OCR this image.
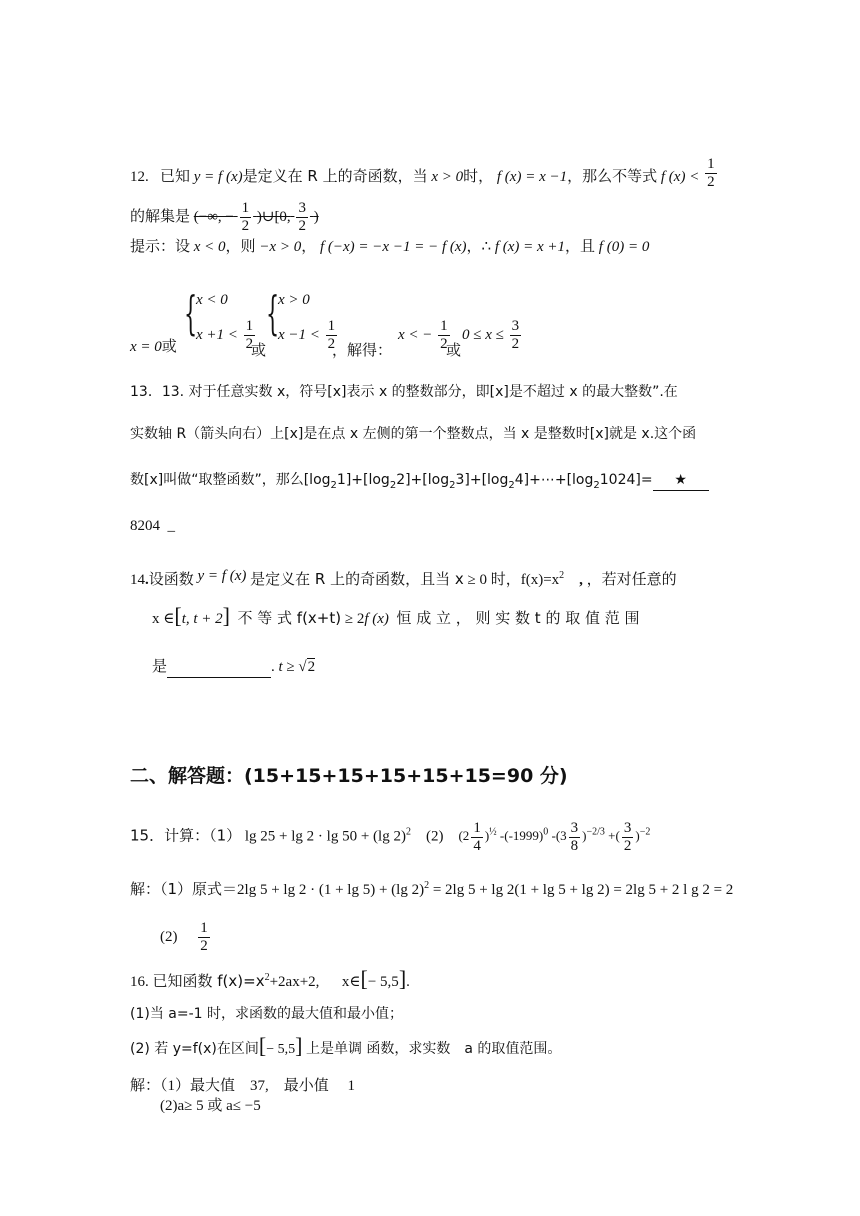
12. 已知 y = f (x)是定义在 R 上的奇函数，当 x > 0时， f (x) = x −1，那么不等式 f $(x) < \frac{1}{2}$
的解集是 (−∞, − $\frac{1}{2}$ )∪[0, $\frac{3}{2}$ )
提示：设 x < 0，则 −x > 0， f (−x) = −x −1 = − f (x)，∴ f (x) = x +1，且 f (0) = 0
x = 0或
{
x < 0
$x +1 < \frac{1}{2}$
或
{
x > 0
$x -1 < \frac{1}{2}$
，解得：
x < − $\frac{1}{2}$
或
$0 \le x \le \frac{3}{2}$
13．13. 对于任意实数 x，符号[x]表示 x 的整数部分，即[x]是不超过 x 的最大整数”.在
实数轴 R（箭头向右）上[x]是在点 x 左侧的第一个整数点，当 x 是整数时[x]就是 x.这个函
数[x]叫做“取整函数”，那么$[\log_21]+[\log_22]+[\log_23]+[\log_24]+\cdots+[\log_21024]=$ ★
8204 _
14.设函数 y = f (x) 是定义在 R 上的奇函数，且当 x ≥ 0 时，$f(x)=x^2$ , ，若对任意的
x ∈[t, t + 2] 不 等 式 f(x+t) ≥ 2f (x) 恒 成 立 ， 则 实 数 t 的 取 值 范 围
是	. t ≥ √2
二、解答题：(15+15+15+15+15+15=90 分)
15．计算：（1） lg 25 + lg 2 · lg 50 + (lg 2)$^2$ (2) $(2 \frac{1}{4} )^{\frac{1}{2}}$ $-(-1999)^0$ $-(3 \frac{3}{8} )^{-2/3}$ +( $\frac{3}{2} )^{-2}$
解：（1）原式＝2lg 5 + lg 2 · (1 + lg 5) + (lg 2)$^2$ = 2lg 5 + lg 2(1 + lg 5 + lg 2) = 2lg 5 + 2 l g 2 = 2
$(2) \frac{1}{2}$
16. 已知函数 $f(x)=x^2+2ax+2$, x∈[− 5,5].
(1)当 a=-1 时，求函数的最大值和最小值；
(2) 若 y=f(x)在区间[− 5,5] 上是单调 函数，求实数 a 的取值范围。
解：（1）最大值　37,　最小值　 1
(2)a≥ 5 或 a≤ −5
